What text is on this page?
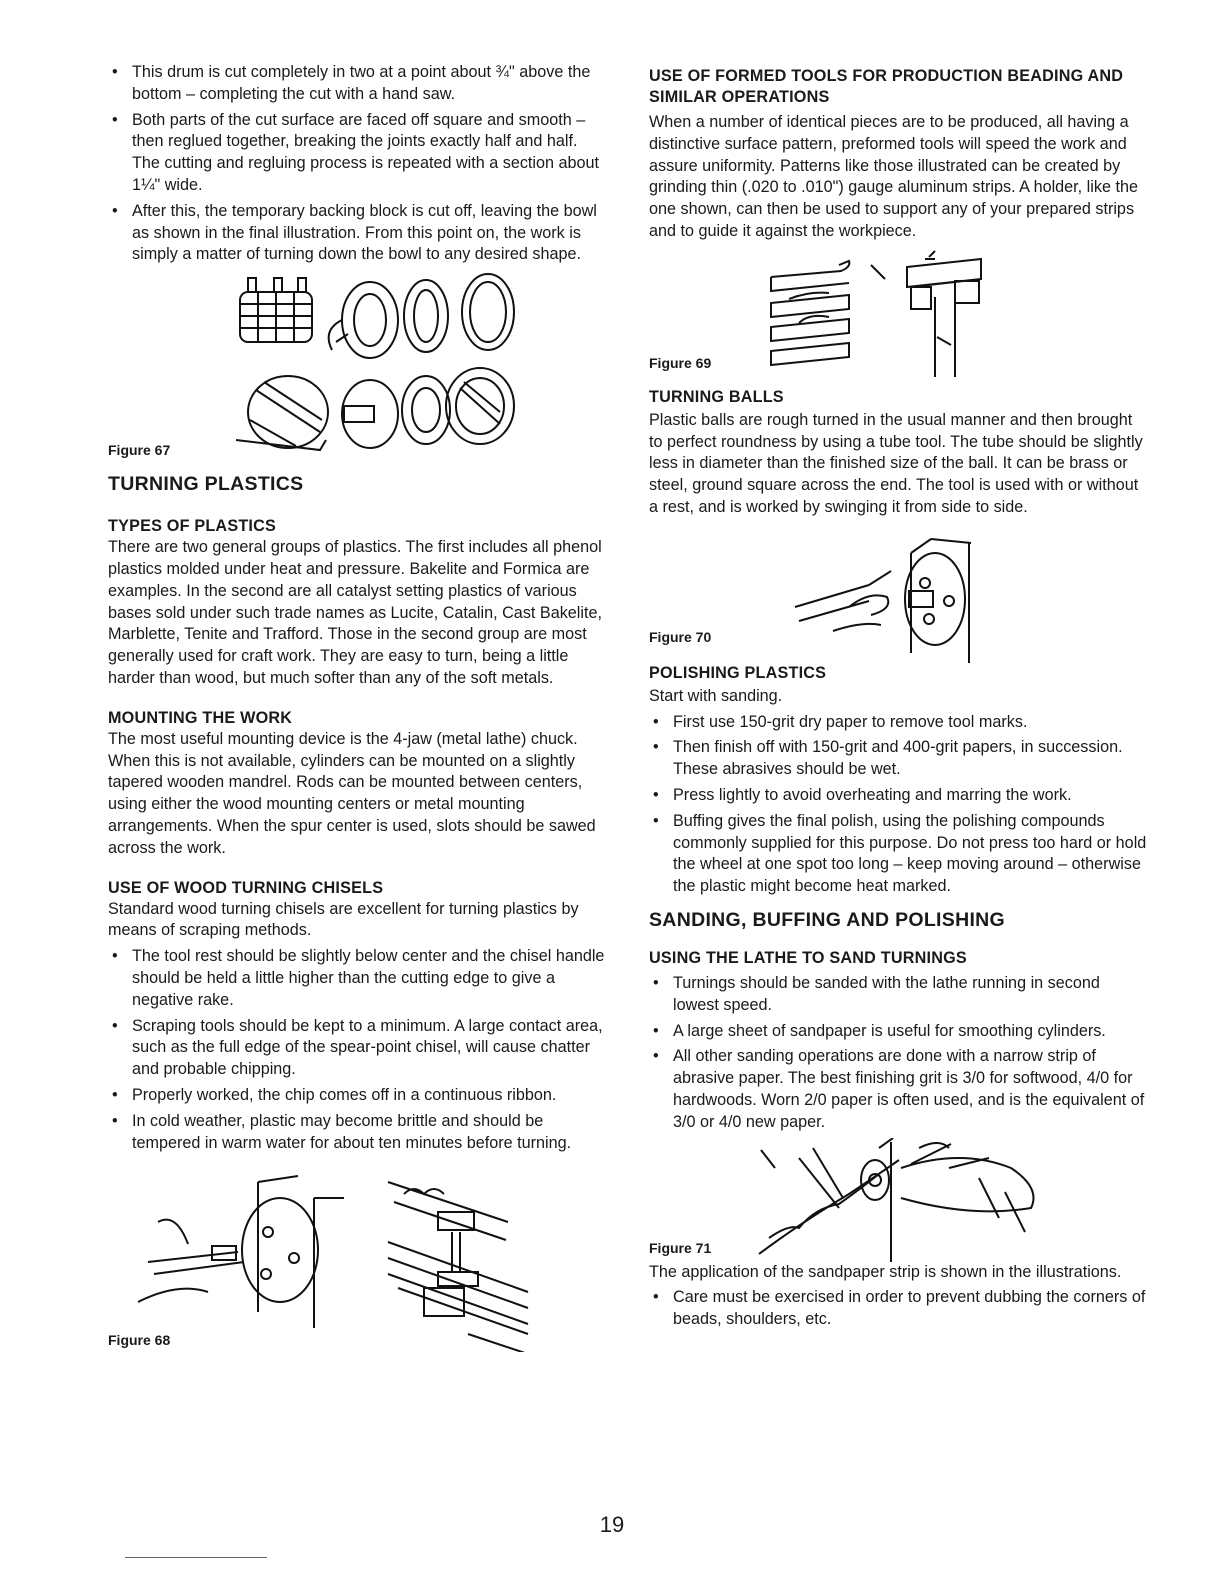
• This drum is cut completely in two at a point about ¾" above the bottom – completing the cut with a hand saw.
• Both parts of the cut surface are faced off square and smooth – then reglued together, breaking the joints exactly half and half. The cutting and regluing process is repeated with a section about 1¼" wide.
• After this, the temporary backing block is cut off, leaving the bowl as shown in the final illustration. From this point on, the work is simply a matter of turning down the bowl to any desired shape.
Figure 67
TURNING PLASTICS
TYPES OF PLASTICS

There are two general groups of plastics. The first includes all phenol plastics molded under heat and pressure. Bakelite and Formica are examples. In the second are all catalyst setting plastics of various bases sold under such trade names as Lucite, Catalin, Cast Bakelite, Marblette, Tenite and Trafford. Those in the second group are most generally used for craft work. They are easy to turn, being a little harder than wood, but much softer than any of the soft metals.

MOUNTING THE WORK

The most useful mounting device is the 4-jaw (metal lathe) chuck. When this is not available, cylinders can be mounted on a slightly tapered wooden mandrel. Rods can be mounted between centers, using either the wood mounting centers or metal mounting arrangements. When the spur center is used, slots should be sawed across the work.

USE OF WOOD TURNING CHISELS

Standard wood turning chisels are excellent for turning plastics by means of scraping methods.

• The tool rest should be slightly below center and the chisel handle should be held a little higher than the cutting edge to give a negative rake.
• Scraping tools should be kept to a minimum. A large contact area, such as the full edge of the spear-point chisel, will cause chatter and probable chipping.
• Properly worked, the chip comes off in a continuous ribbon.
• In cold weather, plastic may become brittle and should be tempered in warm water for about ten minutes before turning.
Figure 68
USE OF FORMED TOOLS FOR PRODUCTION BEADING AND SIMILAR OPERATIONS

When a number of identical pieces are to be produced, all having a distinctive surface pattern, preformed tools will speed the work and assure uniformity. Patterns like those illustrated can be created by grinding thin (.020 to .010") gauge aluminum strips. A holder, like the one shown, can then be used to support any of your prepared strips and to guide it against the workpiece.

Figure 69
TURNING BALLS

Plastic balls are rough turned in the usual manner and then brought to perfect roundness by using a tube tool. The tube should be slightly less in diameter than the finished size of the ball. It can be brass or steel, ground square across the end. The tool is used with or without a rest, and is worked by swinging it from side to side.

Figure 70
POLISHING PLASTICS

Start with sanding.

• First use 150-grit dry paper to remove tool marks.
• Then finish off with 150-grit and 400-grit papers, in succession. These abrasives should be wet.
• Press lightly to avoid overheating and marring the work.
• Buffing gives the final polish, using the polishing compounds commonly supplied for this purpose. Do not press too hard or hold the wheel at one spot too long – keep moving around – otherwise the plastic might become heat marked.
SANDING, BUFFING AND POLISHING
USING THE LATHE TO SAND TURNINGS
• Turnings should be sanded with the lathe running in second lowest speed.
• A large sheet of sandpaper is useful for smoothing cylinders.
• All other sanding operations are done with a narrow strip of abrasive paper. The best finishing grit is 3/0 for softwood, 4/0 for hardwoods. Worn 2/0 paper is often used, and is the equivalent of 3/0 or 4/0 new paper.
Figure 71

The application of the sandpaper strip is shown in the illustrations.

• Care must be exercised in order to prevent dubbing the corners of beads, shoulders, etc.
19
